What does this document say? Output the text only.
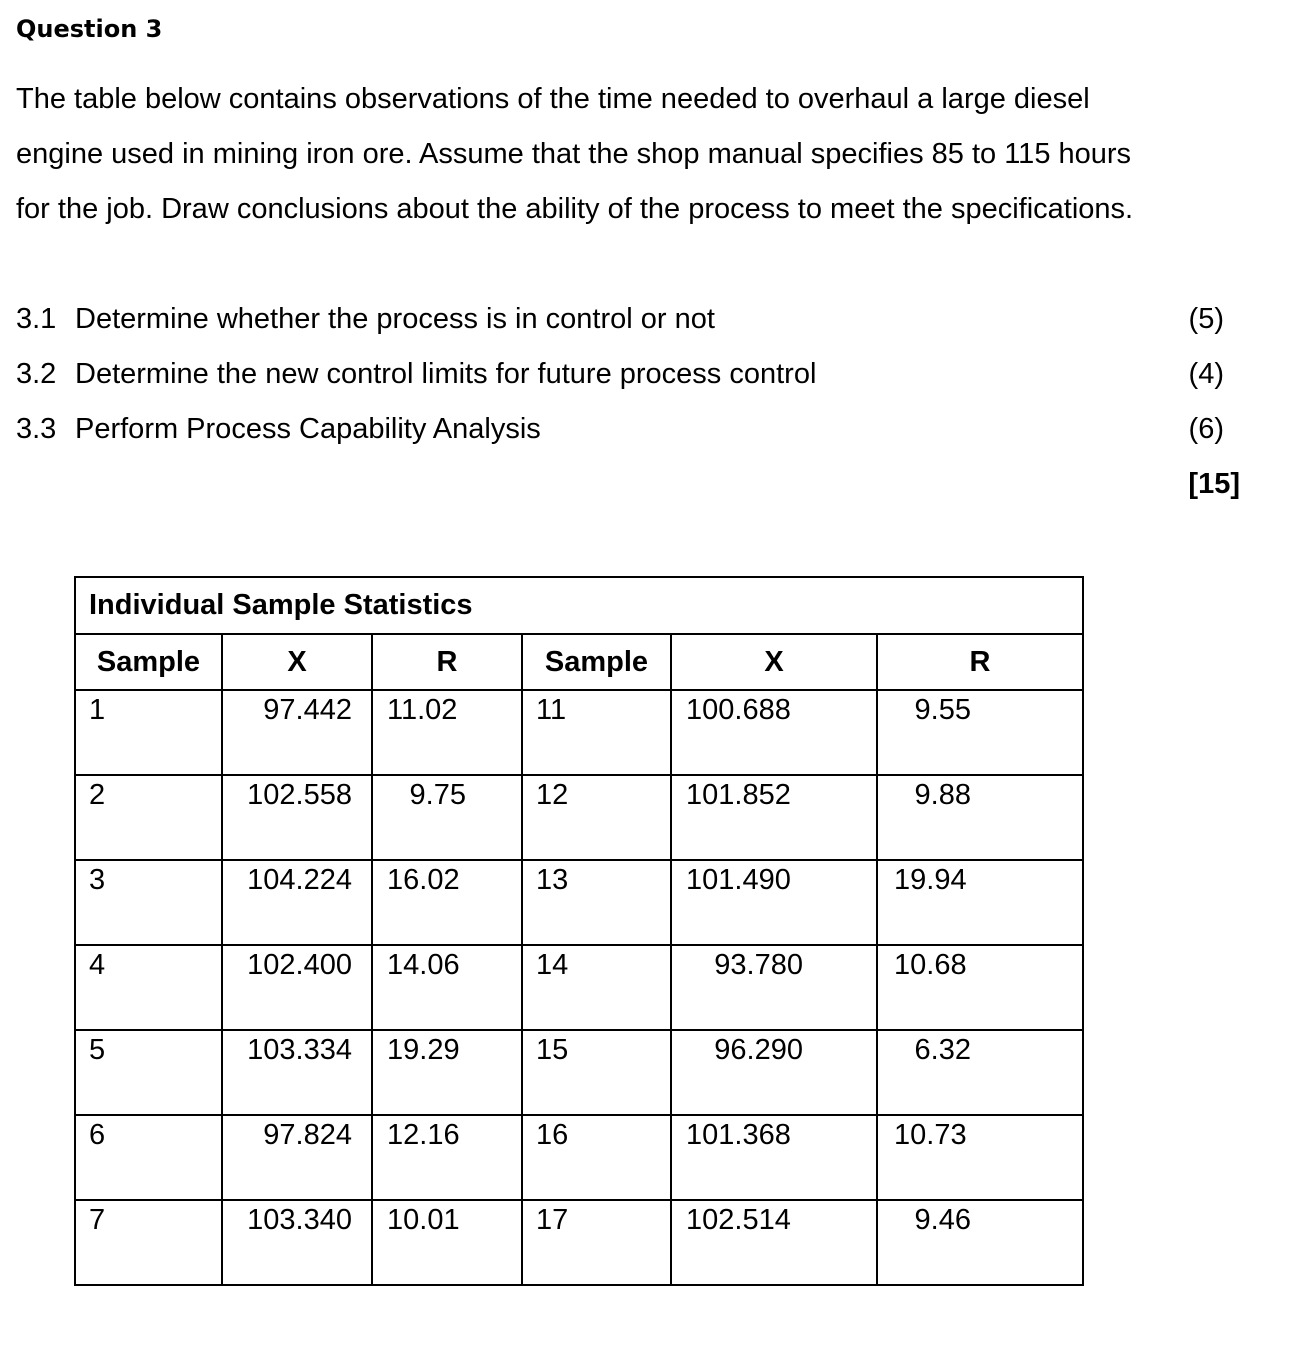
Question 3

The table below contains observations of the time needed to overhaul a large diesel
engine used in mining iron ore. Assume that the shop manual specifies 85 to 115 hours
for the job. Draw conclusions about the ability of the process to meet the specifications.

3.1 Determine whether the process is in control or not	(5)
3.2 Determine the new control limits for future process control	(4)
3.3 Perform Process Capability Analysis	(6)
[15]
Individual Sample Statistics					
Sample	X	R	Sample	X	R
1	97.442	11.02	11	100.688	9.55
2	102.558	9.75	12	101.852	9.88
3	104.224	16.02	13	101.490	19.94
4	102.400	14.06	14	93.780	10.68
5	103.334	19.29	15	96.290	6.32
6	97.824	12.16	16	101.368	10.73
7	103.340	10.01	17	102.514	9.46
